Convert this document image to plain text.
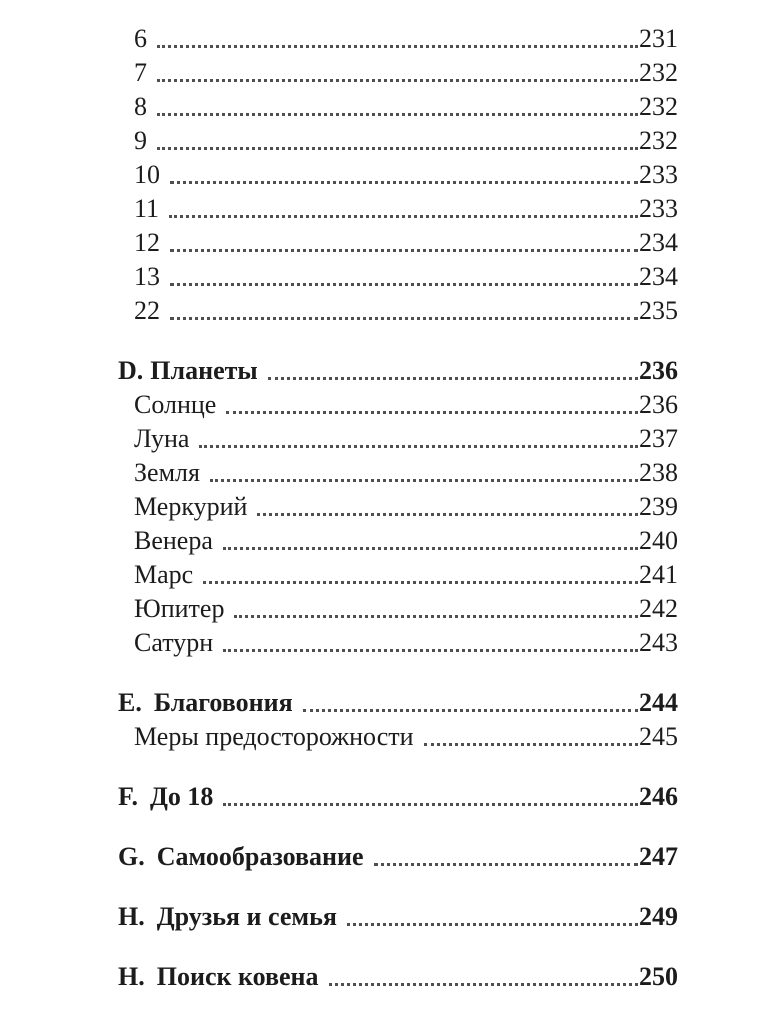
6	231
7	232
8	232
9	232
10	233
11	233
12	234
13	234
22	235
D. Планеты	236
Солнце	236
Луна	237
Земля	238
Меркурий	239
Венера	240
Марс	241
Юпитер	242
Сатурн	243
E. Благовония	244
Меры предосторожности	245
F. До 18	246
G. Самообразование	247
H. Друзья и семья	249
H. Поиск ковена	250
